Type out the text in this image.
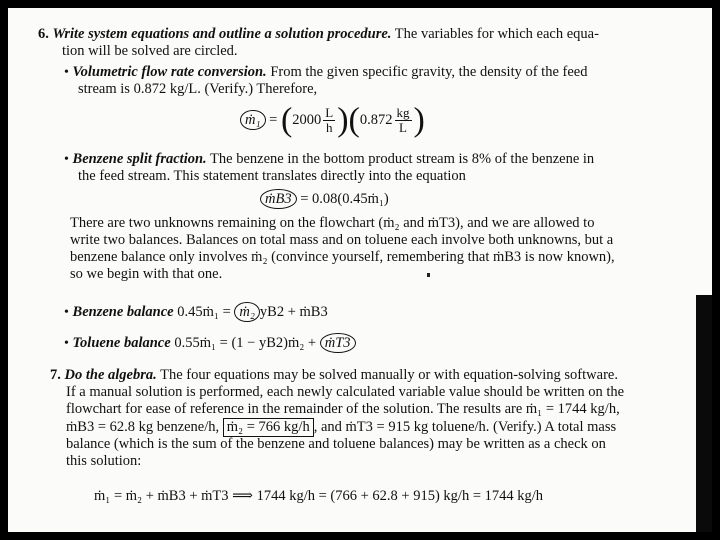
6. Write system equations and outline a solution procedure. The variables for which each equa-
tion will be solved are circled.
• Volumetric flow rate conversion. From the given specific gravity, the density of the feed
stream is 0.872 kg/L. (Verify.) Therefore,
ṁ₁ = $(2000 \frac{L}{h} )(0.872 \frac{kg}{L}$ )
• Benzene split fraction. The benzene in the bottom product stream is 8% of the benzene in
the feed stream. This statement translates directly into the equation
ṁB3 = 0.08(0.45ṁ₁)
There are two unknowns remaining on the flowchart (ṁ₂ and ṁT3), and we are allowed to
write two balances. Balances on total mass and on toluene each involve both unknowns, but a
benzene balance only involves ṁ₂ (convince yourself, remembering that ṁB3 is now known),
so we begin with that one.
• Benzene balance 0.45ṁ₁ = ṁ₂ yB2 + ṁB3
• Toluene balance 0.55ṁ₁ = (1 − yB2)ṁ₂ + ṁT3
7. Do the algebra. The four equations may be solved manually or with equation-solving software.
If a manual solution is performed, each newly calculated variable value should be written on the
flowchart for ease of reference in the remainder of the solution. The results are ṁ₁ = 1744 kg/h,
ṁB3 = 62.8 kg benzene/h, ṁ₂ = 766 kg/h , and ṁT3 = 915 kg toluene/h. (Verify.) A total mass
balance (which is the sum of the benzene and toluene balances) may be written as a check on
this solution:
ṁ₁ = ṁ₂ + ṁB3 + ṁT3 ⟹ 1744 kg/h = (766 + 62.8 + 915) kg/h = 1744 kg/h
